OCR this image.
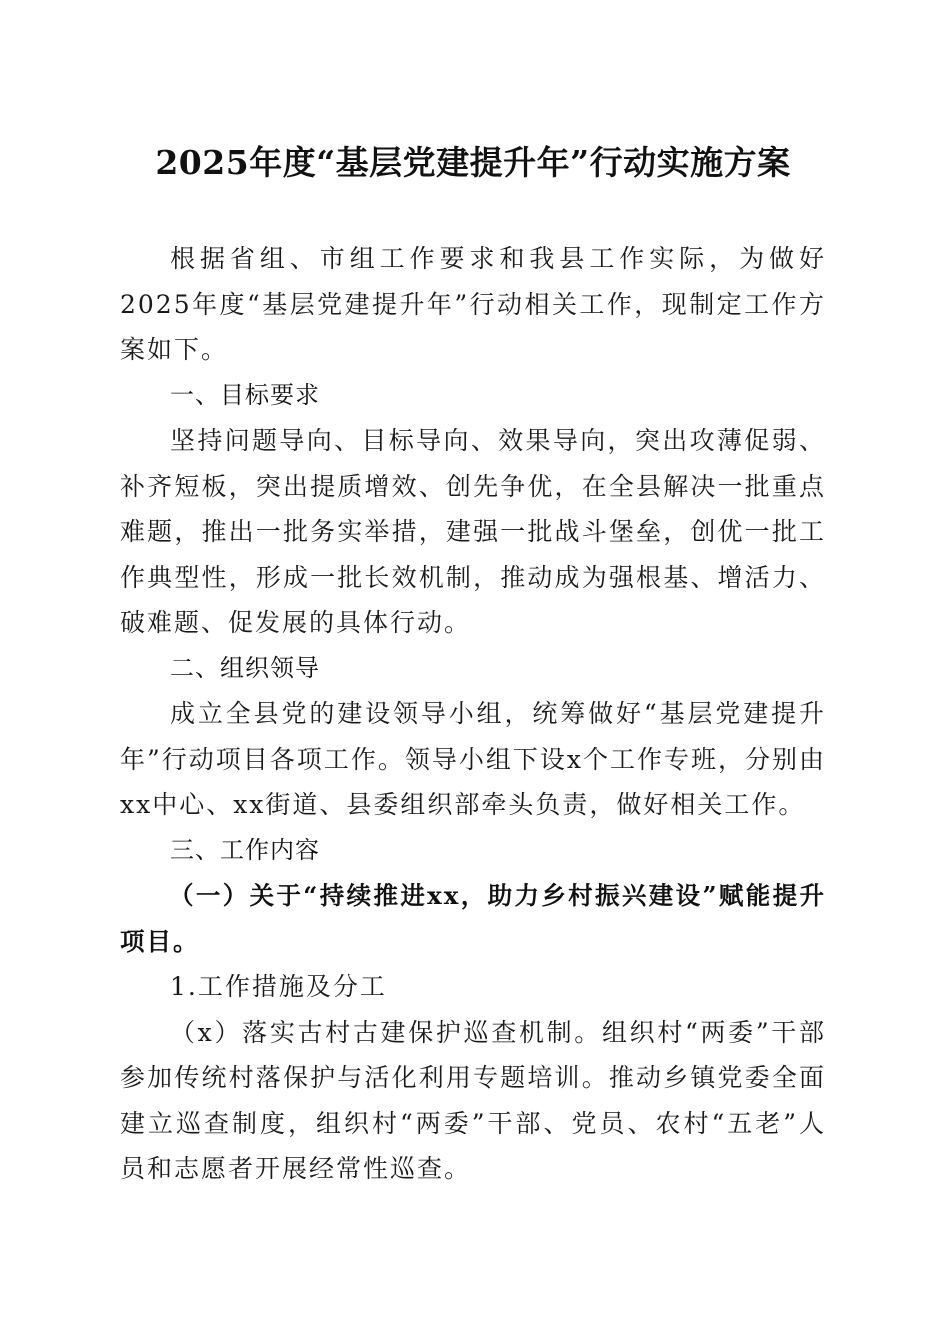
2025年度“基层党建提升年”行动实施方案

根据省组、市组工作要求和我县工作实际，为做好2025年度“基层党建提升年”行动相关工作，现制定工作方案如下。

一、目标要求

坚持问题导向、目标导向、效果导向，突出攻薄促弱、补齐短板，突出提质增效、创先争优，在全县解决一批重点难题，推出一批务实举措，建强一批战斗堡垒，创优一批工作典型性，形成一批长效机制，推动成为强根基、增活力、破难题、促发展的具体行动。

二、组织领导

成立全县党的建设领导小组，统筹做好“基层党建提升年”行动项目各项工作。领导小组下设x个工作专班，分别由xx中心、xx街道、县委组织部牵头负责，做好相关工作。

三、工作内容

（一）关于“持续推进xx，助力乡村振兴建设”赋能提升项目。

1.工作措施及分工

（x）落实古村古建保护巡查机制。组织村“两委”干部参加传统村落保护与活化利用专题培训。推动乡镇党委全面建立巡查制度，组织村“两委”干部、党员、农村“五老”人员和志愿者开展经常性巡查。
